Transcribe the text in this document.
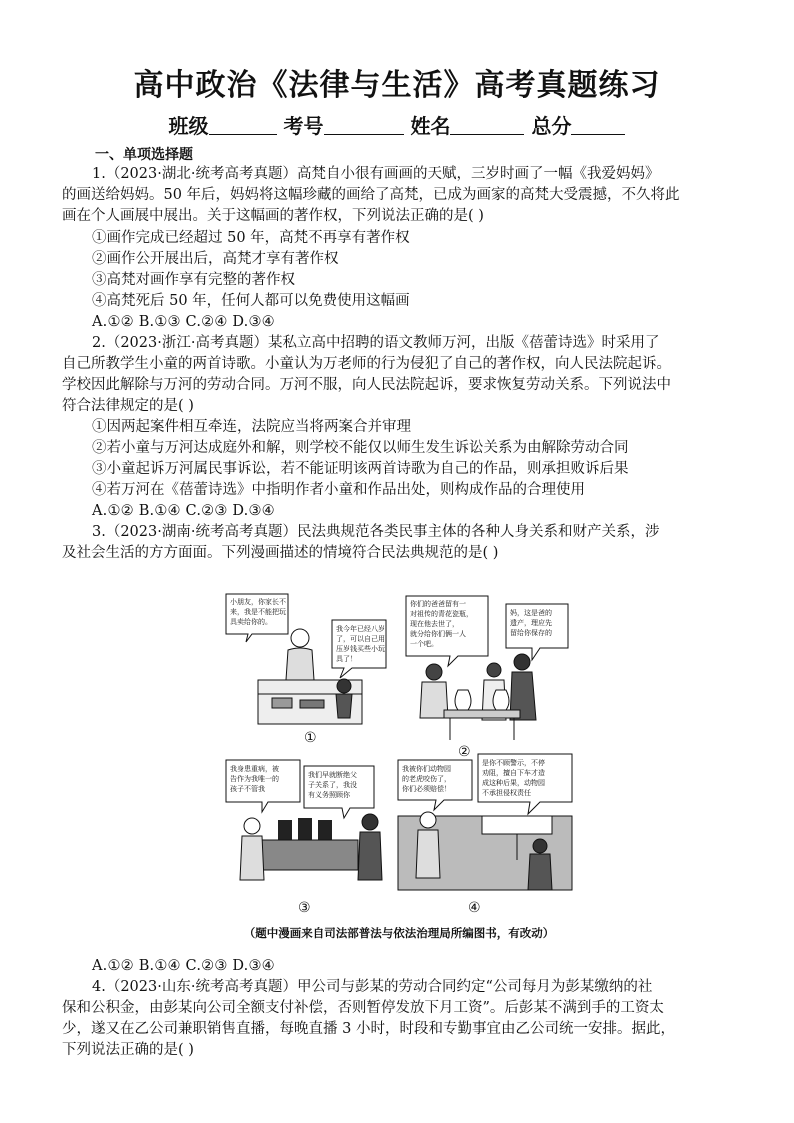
高中政治《法律与生活》高考真题练习
班级	考号	姓名	总分
一、单项选择题
1.（2023·湖北·统考高考真题）高梵自小很有画画的天赋，三岁时画了一幅《我爱妈妈》
的画送给妈妈。50 年后，妈妈将这幅珍藏的画给了高梵，已成为画家的高梵大受震撼，不久将此
画在个人画展中展出。关于这幅画的著作权，下列说法正确的是( )
①画作完成已经超过 50 年，高梵不再享有著作权
②画作公开展出后，高梵才享有著作权
③高梵对画作享有完整的著作权
④高梵死后 50 年，任何人都可以免费使用这幅画
A.①② B.①③ C.②④ D.③④
2.（2023·浙江·高考真题）某私立高中招聘的语文教师万河，出版《蓓蕾诗选》时采用了
自己所教学生小童的两首诗歌。小童认为万老师的行为侵犯了自己的著作权，向人民法院起诉。
学校因此解除与万河的劳动合同。万河不服，向人民法院起诉，要求恢复劳动关系。下列说法中
符合法律规定的是( )
①因两起案件相互牵连，法院应当将两案合并审理
②若小童与万河达成庭外和解，则学校不能仅以师生发生诉讼关系为由解除劳动合同
③小童起诉万河属民事诉讼，若不能证明该两首诗歌为自己的作品，则承担败诉后果
④若万河在《蓓蕾诗选》中指明作者小童和作品出处，则构成作品的合理使用
A.①② B.①④ C.②③ D.③④
3.（2023·湖南·统考高考真题）民法典规范各类民事主体的各种人身关系和财产关系，涉
及社会生活的方方面面。下列漫画描述的情境符合民法典规范的是( )
小朋友，你家长不
来，我是不能把玩
具卖给你的。
我今年已经八岁
了，可以自己用
压岁钱买些小玩
具了！
①
你们的爸爸留有一
对祖传的青花瓷瓶，
现在他去世了，
就分给你们俩一人
一个吧。
妈，这是爸的
遗产，理应先
留给你保存的
②
我身患重病，被
告作为我唯一的
孩子不管我
我们早就断绝父
子关系了，我没
有义务照顾你
③
我被你们动物园
的老虎咬伤了，
你们必须赔偿！
是你不顾警示，不停
劝阻，擅自下车才造
成这种后果，动物园
不承担侵权责任
④
（题中漫画来自司法部普法与依法治理局所编图书，有改动）
A.①② B.①④ C.②③ D.③④
4.（2023·山东·统考高考真题）甲公司与彭某的劳动合同约定“公司每月为彭某缴纳的社
保和公积金，由彭某向公司全额支付补偿，否则暂停发放下月工资”。后彭某不满到手的工资太
少，遂又在乙公司兼职销售直播，每晚直播 3 小时，时段和专勤事宜由乙公司统一安排。据此，
下列说法正确的是( )
